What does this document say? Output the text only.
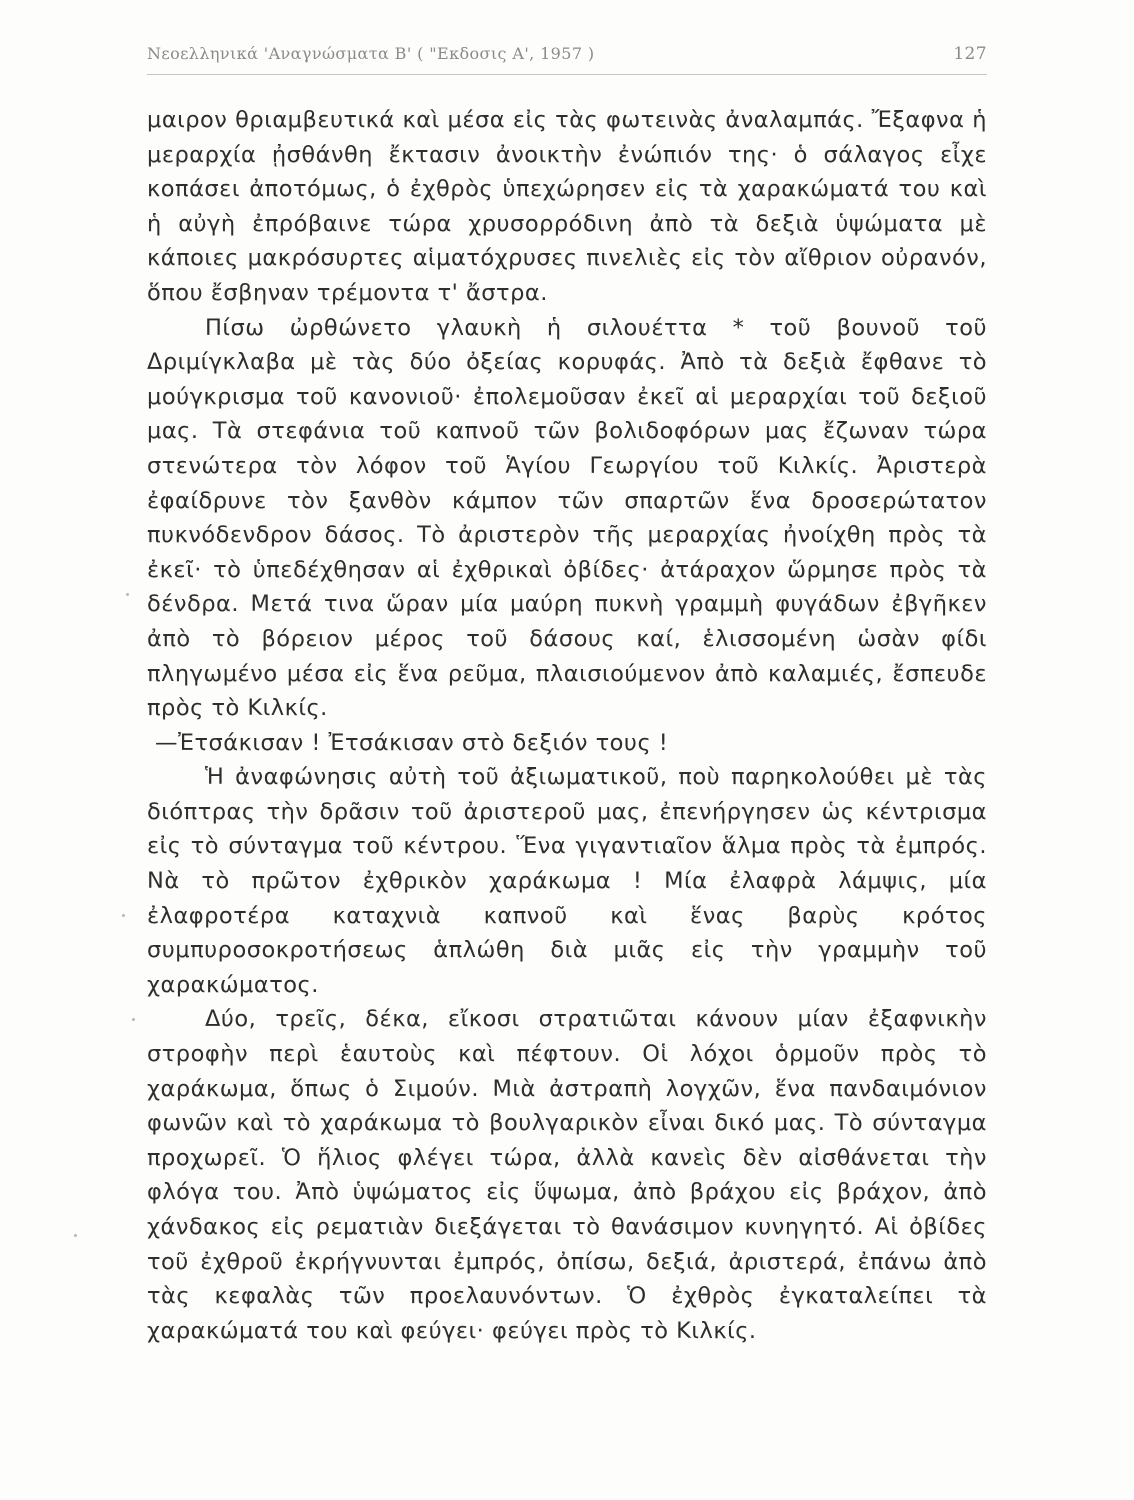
Νεοελληνικά 'Αναγνώσματα Β' ( "Εκδοσις Α', 1957 )	127

μαιρον θριαμβευτικά καὶ μέσα εἰς τὰς φωτεινὰς ἀναλαμπάς. Ἔξαφνα ἡ μεραρχία ᾐσθάνθη ἔκτασιν ἀνοικτὴν ἐνώπιόν της· ὁ σάλαγος εἶχε κοπάσει ἀποτόμως, ὁ ἐχθρὸς ὑπεχώρησεν εἰς τὰ χαρακώματά του καὶ ἡ αὐγὴ ἐπρόβαινε τώρα χρυσορρόδινη ἀπὸ τὰ δεξιὰ ὑψώματα μὲ κάποιες μακρόσυρτες αἱματόχρυσες πινελιὲς εἰς τὸν αἴθριον οὐρανόν, ὅπου ἔσβηναν τρέμοντα τ' ἄστρα.

Πίσω ὠρθώνετο γλαυκὴ ἡ σιλουέττα * τοῦ βουνοῦ τοῦ Δριμίγκλαβα μὲ τὰς δύο ὀξείας κορυφάς. Ἀπὸ τὰ δεξιὰ ἔφθανε τὸ μούγκρισμα τοῦ κανονιοῦ· ἐπολεμοῦσαν ἐκεῖ αἱ μεραρχίαι τοῦ δεξιοῦ μας. Τὰ στεφάνια τοῦ καπνοῦ τῶν βολιδοφόρων μας ἔζωναν τώρα στενώτερα τὸν λόφον τοῦ Ἁγίου Γεωργίου τοῦ Κιλκίς. Ἀριστερὰ ἐφαίδρυνε τὸν ξανθὸν κάμπον τῶν σπαρτῶν ἕνα δροσερώτατον πυκνόδενδρον δάσος. Τὸ ἀριστερὸν τῆς μεραρχίας ἠνοίχθη πρὸς τὰ ἐκεῖ· τὸ ὑπεδέχθησαν αἱ ἐχθρικαὶ ὀβίδες· ἀτάραχον ὥρμησε πρὸς τὰ δένδρα. Μετά τινα ὥραν μία μαύρη πυκνὴ γραμμὴ φυγάδων ἐβγῆκεν ἀπὸ τὸ βόρειον μέρος τοῦ δάσους καί, ἑλισσομένη ὡσὰν φίδι πληγωμένο μέσα εἰς ἕνα ρεῦμα, πλαισιούμενον ἀπὸ καλαμιές, ἔσπευδε πρὸς τὸ Κιλκίς.

—Ἐτσάκισαν ! Ἐτσάκισαν στὸ δεξιόν τους !

Ἡ ἀναφώνησις αὐτὴ τοῦ ἀξιωματικοῦ, ποὺ παρηκολούθει μὲ τὰς διόπτρας τὴν δρᾶσιν τοῦ ἀριστεροῦ μας, ἐπενήργησεν ὡς κέντρισμα εἰς τὸ σύνταγμα τοῦ κέντρου. Ἕνα γιγαντιαῖον ἅλμα πρὸς τὰ ἐμπρός. Νὰ τὸ πρῶτον ἐχθρικὸν χαράκωμα ! Μία ἐλαφρὰ λάμψις, μία ἐλαφροτέρα καταχνιὰ καπνοῦ καὶ ἕνας βαρὺς κρότος συμπυροσοκροτήσεως ἁπλώθη διὰ μιᾶς εἰς τὴν γραμμὴν τοῦ χαρακώματος.

Δύο, τρεῖς, δέκα, εἴκοσι στρατιῶται κάνουν μίαν ἐξαφνικὴν στροφὴν περὶ ἑαυτοὺς καὶ πέφτουν. Οἱ λόχοι ὁρμοῦν πρὸς τὸ χαράκωμα, ὅπως ὁ Σιμούν. Μιὰ ἀστραπὴ λογχῶν, ἕνα πανδαιμόνιον φωνῶν καὶ τὸ χαράκωμα τὸ βουλγαρικὸν εἶναι δικό μας. Τὸ σύνταγμα προχωρεῖ. Ὁ ἥλιος φλέγει τώρα, ἀλλὰ κανεὶς δὲν αἰσθάνεται τὴν φλόγα του. Ἀπὸ ὑψώματος εἰς ὕψωμα, ἀπὸ βράχου εἰς βράχον, ἀπὸ χάνδακος εἰς ρεματιὰν διεξάγεται τὸ θανάσιμον κυνηγητό. Αἱ ὀβίδες τοῦ ἐχθροῦ ἐκρήγνυνται ἐμπρός, ὀπίσω, δεξιά, ἀριστερά, ἐπάνω ἀπὸ τὰς κεφαλὰς τῶν προελαυνόντων. Ὁ ἐχθρὸς ἐγκαταλείπει τὰ χαρακώματά του καὶ φεύγει· φεύγει πρὸς τὸ Κιλκίς.
